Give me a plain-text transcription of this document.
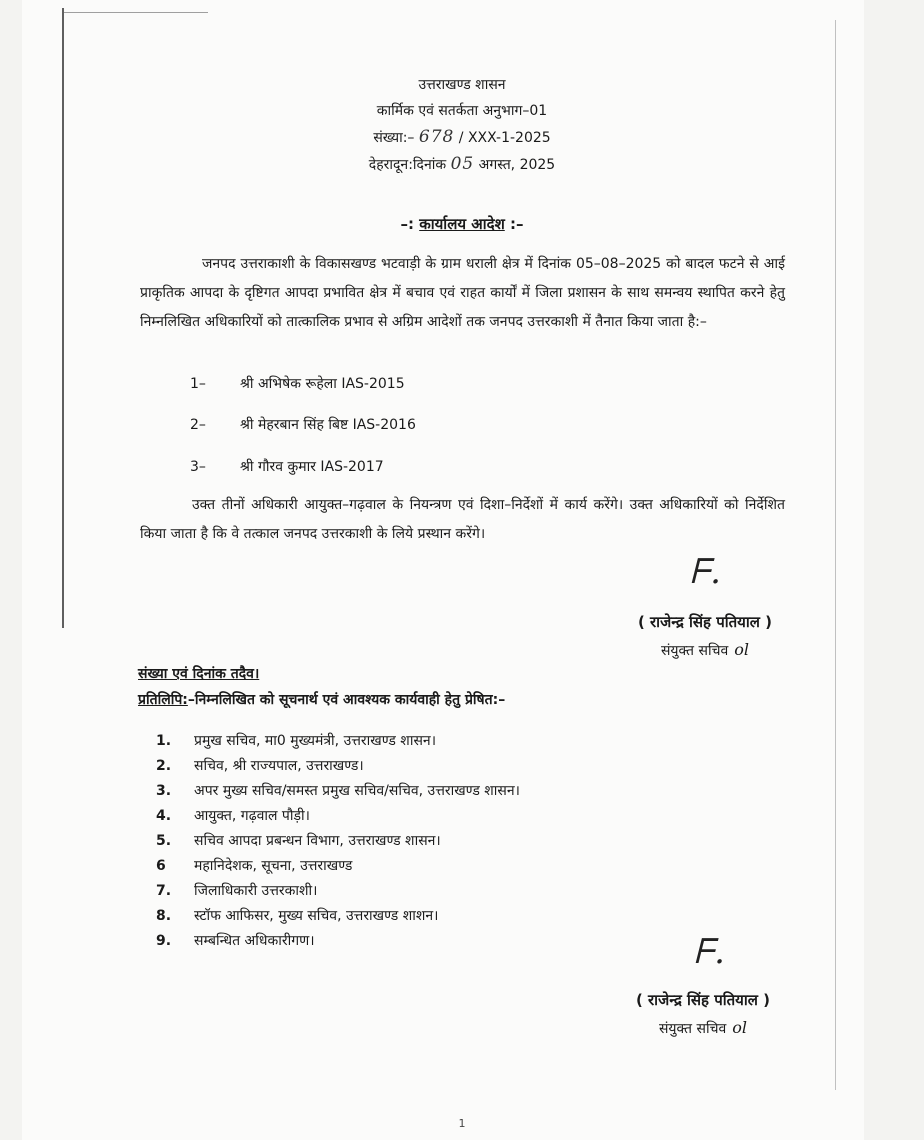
उत्तराखण्ड शासन
कार्मिक एवं सतर्कता अनुभाग–01
संख्या:– 678 / XXX-1-2025
देहरादून:दिनांक 05 अगस्त, 2025
–: कार्यालय आदेश :–
जनपद उत्तराकाशी के विकासखण्ड भटवाड़ी के ग्राम धराली क्षेत्र में दिनांक 05–08–2025 को बादल फटने से आई प्राकृतिक आपदा के दृष्टिगत आपदा प्रभावित क्षेत्र में बचाव एवं राहत कार्यों में जिला प्रशासन के साथ समन्वय स्थापित करने हेतु निम्नलिखित अधिकारियों को तात्कालिक प्रभाव से अग्रिम आदेशों तक जनपद उत्तरकाशी में तैनात किया जाता है:–
1– श्री अभिषेक रूहेला IAS-2015
2– श्री मेहरबान सिंह बिष्ट IAS-2016
3– श्री गौरव कुमार IAS-2017
उक्त तीनों अधिकारी आयुक्त–गढ़वाल के नियन्त्रण एवं दिशा–निर्देशों में कार्य करेंगे। उक्त अधिकारियों को निर्देशित किया जाता है कि वे तत्काल जनपद उत्तरकाशी के लिये प्रस्थान करेंगे।
ᖴ.
( राजेन्द्र सिंह पतियाल )
संयुक्त सचिव ol
संख्या एवं दिनांक तदैव।
प्रतिलिपि:–निम्नलिखित को सूचनार्थ एवं आवश्यक कार्यवाही हेतु प्रेषित:–
1. प्रमुख सचिव, मा0 मुख्यमंत्री, उत्तराखण्ड शासन।
2. सचिव, श्री राज्यपाल, उत्तराखण्ड।
3. अपर मुख्य सचिव/समस्त प्रमुख सचिव/सचिव, उत्तराखण्ड शासन।
4. आयुक्त, गढ़वाल पौड़ी।
5. सचिव आपदा प्रबन्धन विभाग, उत्तराखण्ड शासन।
6 महानिदेशक, सूचना, उत्तराखण्ड
7. जिलाधिकारी उत्तरकाशी।
8. स्टॉफ आफिसर, मुख्य सचिव, उत्तराखण्ड शाशन।
9. सम्बन्धित अधिकारीगण।	ᖴ.
( राजेन्द्र सिंह पतियाल )
संयुक्त सचिव ol
1
